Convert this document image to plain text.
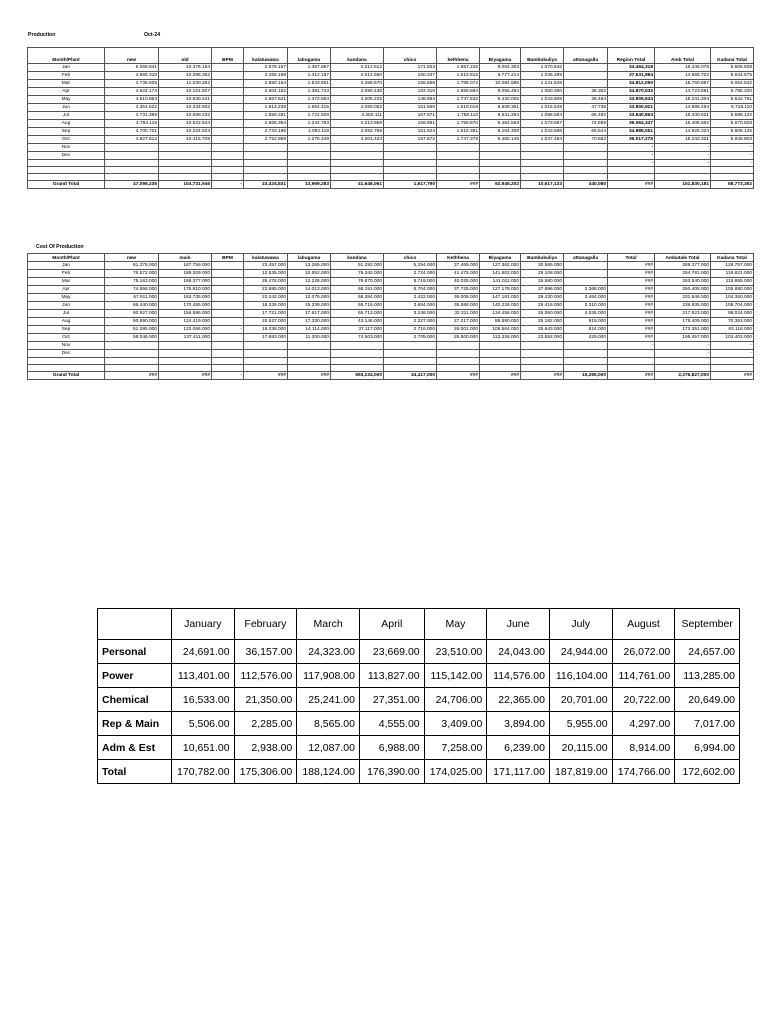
Production	Oct-24
Month/Plant	new	old	BPM	kalatuwawa	labugama	kandana	chico	kethhena	Biyagama	Bambukuliya	attanagalla	Region Total	Amb Total	Kadana Total
Jan	5.065.841	10.376.154		2.678.157	1.367.967	4.212.612	171.553	1.657.226	9.054.303	1.070.542		34.464,318	15.446.075	5.505.638
Feb	4.665.310	10.296.352		2.455.188	1.412.187	4.014.560	160.347	1.615.815	8.777.214	1.045.295		37.631,994	14.565.702	5.644.575
Mar	4.736.605	11.030.252		2.850.164	1.543.801	4.268.670	155.556	1.786.072	10.084.585	1.141.645		34.812,050	15.760.857	6.054.542
Apr	4.622.174	10.101.507		2.604.162	1.381.743	4.090.436	153.310	1.658.884	9.055.454	1.060.300	38.302	34.870,532	14.723.681	5.785.320
May	4.610.963	10.630.241		2.667.841	1.372.654	4.205.225	148.884	1.737.532	9.430.005	1.043.605	38.484	33.905,634	15.241.204	5.542.761
Jun	4.351.522	10.334.932		1.814.238	1.554.415	4.059.052	151.660	1.619.018	8.608.361	1.015.549	47.736	33.800,921	14.686.454	5.718.110
Jul	4.731.389	10.699.232		1.559.281	1.722.928	4.250.111	167.971	1.758.110	9.541.394	1.066.584	65.492	33.940,863	15.430.621	5.588.122
Aug	4.784.118	10.622.644		2.665.354	1.244.783	4.213.958	158.881	1.756.870	9.464.563	1.073.657	74.659	36.064,347	15.406.562	5.970.828
Sep	4.700.701	10.224.623		2.733.196	1.092.118	4.092.766	151.624	1.615.381	9.164.308	1.043.686	66.644	34.985,051	14.925.324	5.806.145
Oct	4.827.612	10.415.709		2.752.868	1.276.449	4.201.424	157.672	1.747.379	9.480.145	1.047.484	70.563	36.017,275	15.243.321	5.948.803
Nov												-	-	-
Dec												-	-	-
												-	-	-

Grand Total	47,096,235	104,731,946	-	23,424,531	13,969,283	41,646,061	1,617,790	###	92,945,202	10,617,133	440,080	###	151,830,181	58,773,352
Cost Of Production
Month/Plant	new	main	BPM	kalatuwawa	labugama	kandana	chico	Kethhena	Biyagama	Bambukuliya	attanagalla	Total	Ambatale Total	Kadana Total
Jan	81.378.000	187.759.000		23.457.000	13.265.000	91.292.000	5.294.000	37.465.000	127.362.000	30.565.000		###	269.377.000	128.757.000
Feb	76.572.000	188.209.000		12.535.000	10.552.000	76.342.000	2.724.000	41.475.000	141.502.000	29.108.000		###	264.781.000	119.821.000
Mar	75.163.000	188.377.000		26.478.000	12.228.000	76.670.000	5.719.000	40.025.000	141.011.000	26.580.000		###	263.540.000	116.855.000
Apr	74.558.000	175.810.000		22.685.000	14.013.000	68.151.000	5.704.000	37.725.000	127.178.000	27.896.000	3.368.000	###	250.408.000	105.880.000
May	67.911.000	163.735.000		22.242.000	12.075.000	68.384.000	2.422.000	36.006.000	147.181.000	29.430.000	3.464.000	###	231.646.000	104.350.000
Jun	66.440.000	170.455.000		18.339.000	15.239.000	65.716.000	3.654.000	38.588.000	140.226.000	29.416.000	3.310.000	###	236.935.000	108.704.000
Jul	60.927.000	156.596.000		17.721.000	17.617.000	65.713.000	3.248.000	32.311.000	134.456.000	26.060.000	4.535.000	###	217.523.000	98.024.000
Aug	50.990.000	124.419.000		20.527.000	17.330.000	43.146.000	2.227.000	27.217.000	88.590.000	25.182.000	915.000	###	175.409.000	70.363.000
Sep	51.285.000	122.066.000	-	19.238.000	14.114.000	37.117.000	2.716.000	26.001.000	105.564.000	25.643.000	624.000	###	173.351.000	63.118.000
Oct	58.046.000	137.411.000		17.683.000	11.200.000	74.503.000	2.705.000	28.500.000	112.326.000	23.552.000	429.000	###	195.457.000	103.403.000
Nov												-	-	-
Dec													-	-

Grand Total	###	###	-	###	###	693,234,000	34,417,000	###	###	###	16,265,000	###	2,276,827,000	###
	January	February	March	April	May	June	July	August	September
Personal	24,691.00	36,157.00	24,323.00	23,669.00	23,510.00	24,043.00	24,944.00	26,072.00	24,657.00
Power	113,401.00	112,576.00	117,908.00	113,827.00	115,142.00	114,576.00	116,104.00	114,761.00	113,285.00
Chemical	16,533.00	21,350.00	25,241.00	27,351.00	24,706.00	22,365.00	20,701.00	20,722.00	20,649.00
Rep & Main	5,506.00	2,285.00	8,565.00	4,555.00	3,409.00	3,894.00	5,955.00	4,297.00	7,017.00
Adm & Est	10,651.00	2,938.00	12,087.00	6,988.00	7,258.00	6,239.00	20,115.00	8,914.00	6,994.00
Total	170,782.00	175,306.00	188,124.00	176,390.00	174,025.00	171,117.00	187,819.00	174,766.00	172,602.00
